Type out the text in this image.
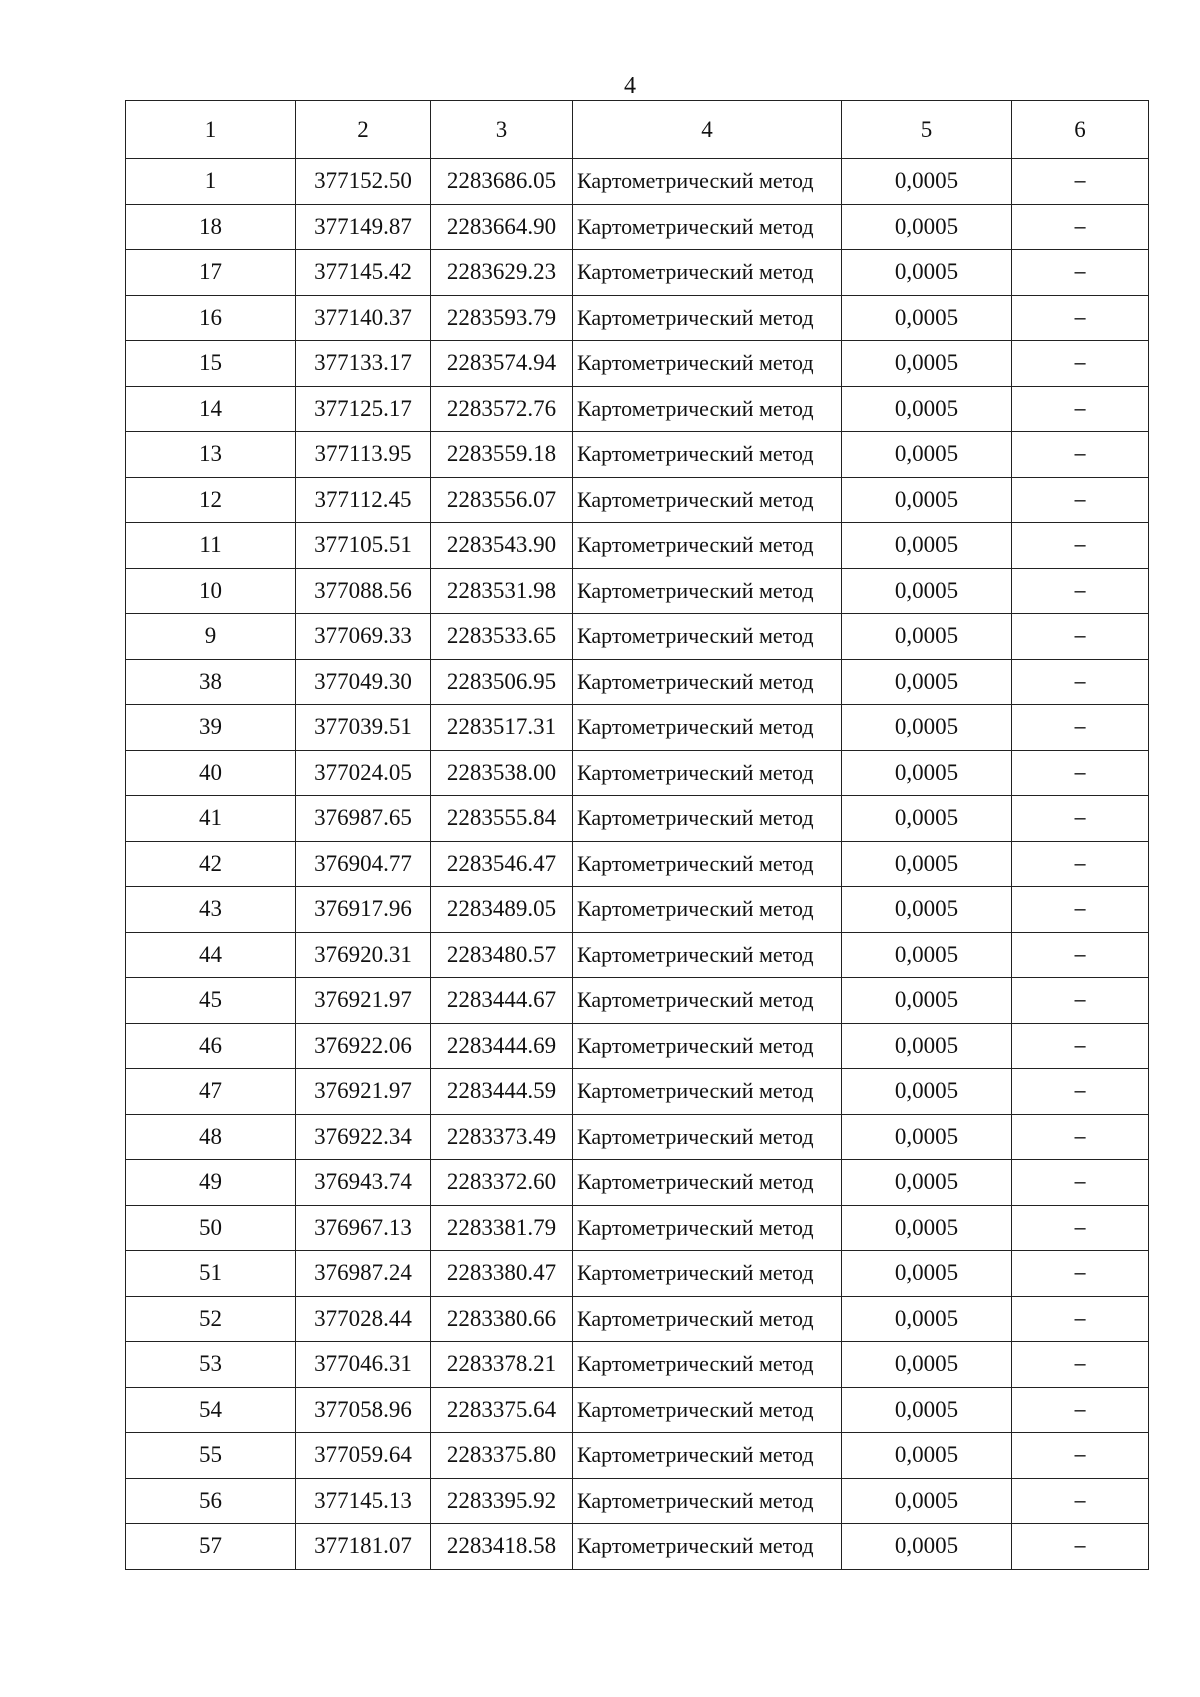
4
1	2	3	4	5	6
1	377152.50	2283686.05	Картометрический метод	0,0005	–
18	377149.87	2283664.90	Картометрический метод	0,0005	–
17	377145.42	2283629.23	Картометрический метод	0,0005	–
16	377140.37	2283593.79	Картометрический метод	0,0005	–
15	377133.17	2283574.94	Картометрический метод	0,0005	–
14	377125.17	2283572.76	Картометрический метод	0,0005	–
13	377113.95	2283559.18	Картометрический метод	0,0005	–
12	377112.45	2283556.07	Картометрический метод	0,0005	–
11	377105.51	2283543.90	Картометрический метод	0,0005	–
10	377088.56	2283531.98	Картометрический метод	0,0005	–
9	377069.33	2283533.65	Картометрический метод	0,0005	–
38	377049.30	2283506.95	Картометрический метод	0,0005	–
39	377039.51	2283517.31	Картометрический метод	0,0005	–
40	377024.05	2283538.00	Картометрический метод	0,0005	–
41	376987.65	2283555.84	Картометрический метод	0,0005	–
42	376904.77	2283546.47	Картометрический метод	0,0005	–
43	376917.96	2283489.05	Картометрический метод	0,0005	–
44	376920.31	2283480.57	Картометрический метод	0,0005	–
45	376921.97	2283444.67	Картометрический метод	0,0005	–
46	376922.06	2283444.69	Картометрический метод	0,0005	–
47	376921.97	2283444.59	Картометрический метод	0,0005	–
48	376922.34	2283373.49	Картометрический метод	0,0005	–
49	376943.74	2283372.60	Картометрический метод	0,0005	–
50	376967.13	2283381.79	Картометрический метод	0,0005	–
51	376987.24	2283380.47	Картометрический метод	0,0005	–
52	377028.44	2283380.66	Картометрический метод	0,0005	–
53	377046.31	2283378.21	Картометрический метод	0,0005	–
54	377058.96	2283375.64	Картометрический метод	0,0005	–
55	377059.64	2283375.80	Картометрический метод	0,0005	–
56	377145.13	2283395.92	Картометрический метод	0,0005	–
57	377181.07	2283418.58	Картометрический метод	0,0005	–
